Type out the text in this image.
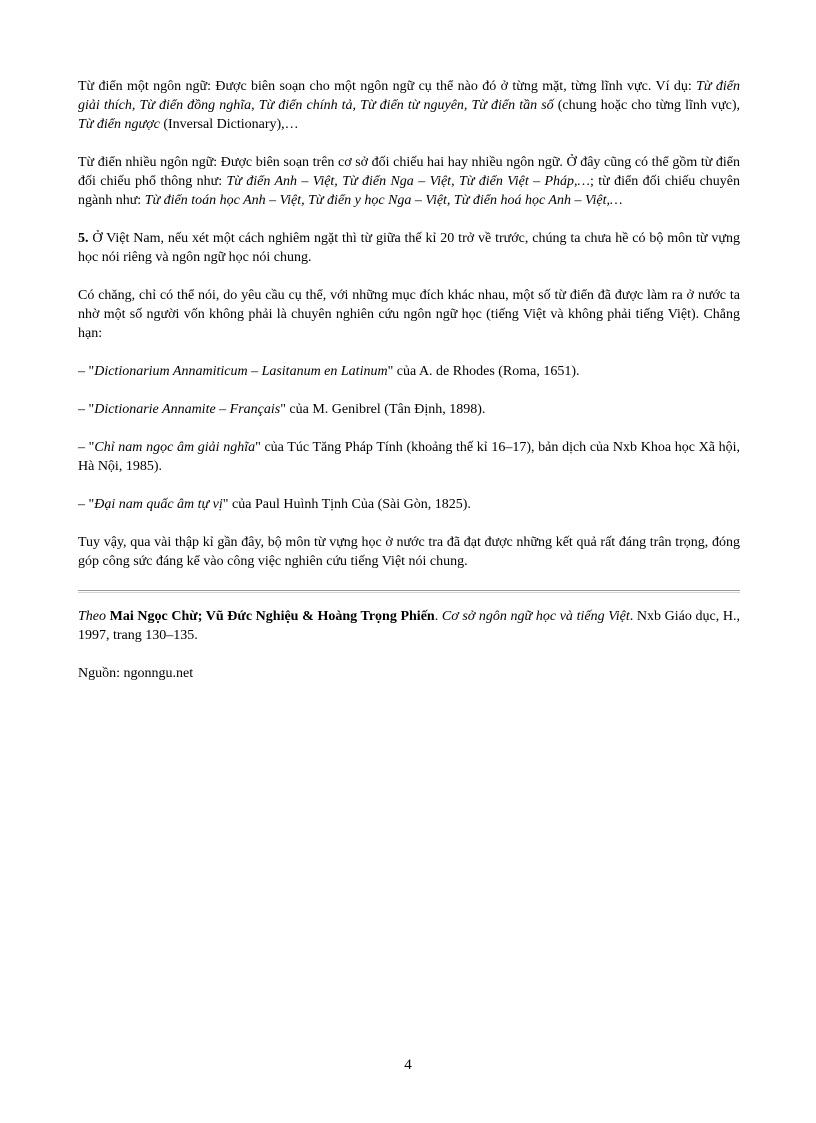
Từ điển một ngôn ngữ: Được biên soạn cho một ngôn ngữ cụ thể nào đó ở từng mặt, từng lĩnh vực. Ví dụ: Từ điển giải thích, Từ điển đồng nghĩa, Từ điển chính tả, Từ điển từ nguyên, Từ điển tần số (chung hoặc cho từng lĩnh vực), Từ điển ngược (Inversal Dictionary),…

Từ điển nhiều ngôn ngữ: Được biên soạn trên cơ sở đối chiếu hai hay nhiều ngôn ngữ. Ở đây cũng có thể gồm từ điển đối chiếu phổ thông như: Từ điển Anh – Việt, Từ điển Nga – Việt, Từ điển Việt – Pháp,…; từ điển đối chiếu chuyên ngành như: Từ điển toán học Anh – Việt, Từ điển y học Nga – Việt, Từ điển hoá học Anh – Việt,…

5. Ở Việt Nam, nếu xét một cách nghiêm ngặt thì từ giữa thế kỉ 20 trở về trước, chúng ta chưa hề có bộ môn từ vựng học nói riêng và ngôn ngữ học nói chung.

Có chăng, chỉ có thể nói, do yêu cầu cụ thể, với những mục đích khác nhau, một số từ điển đã được làm ra ở nước ta nhờ một số người vốn không phải là chuyên nghiên cứu ngôn ngữ học (tiếng Việt và không phải tiếng Việt). Chẳng hạn:

– "Dictionarium Annamiticum – Lasitanum en Latinum" của A. de Rhodes (Roma, 1651).

– "Dictionarie Annamite – Français" của M. Genibrel (Tân Định, 1898).

– "Chỉ nam ngọc âm giải nghĩa" của Túc Tăng Pháp Tính (khoảng thế kỉ 16–17), bản dịch của Nxb Khoa học Xã hội, Hà Nội, 1985).

– "Đại nam quấc âm tự vị" của Paul Huình Tịnh Của (Sài Gòn, 1825).

Tuy vậy, qua vài thập kỉ gần đây, bộ môn từ vựng học ở nước tra đã đạt được những kết quả rất đáng trân trọng, đóng góp công sức đáng kể vào công việc nghiên cứu tiếng Việt nói chung.

Theo Mai Ngọc Chừ; Vũ Đức Nghiệu & Hoàng Trọng Phiến. Cơ sở ngôn ngữ học và tiếng Việt. Nxb Giáo dục, H., 1997, trang 130–135.

Nguồn: ngonngu.net

4
